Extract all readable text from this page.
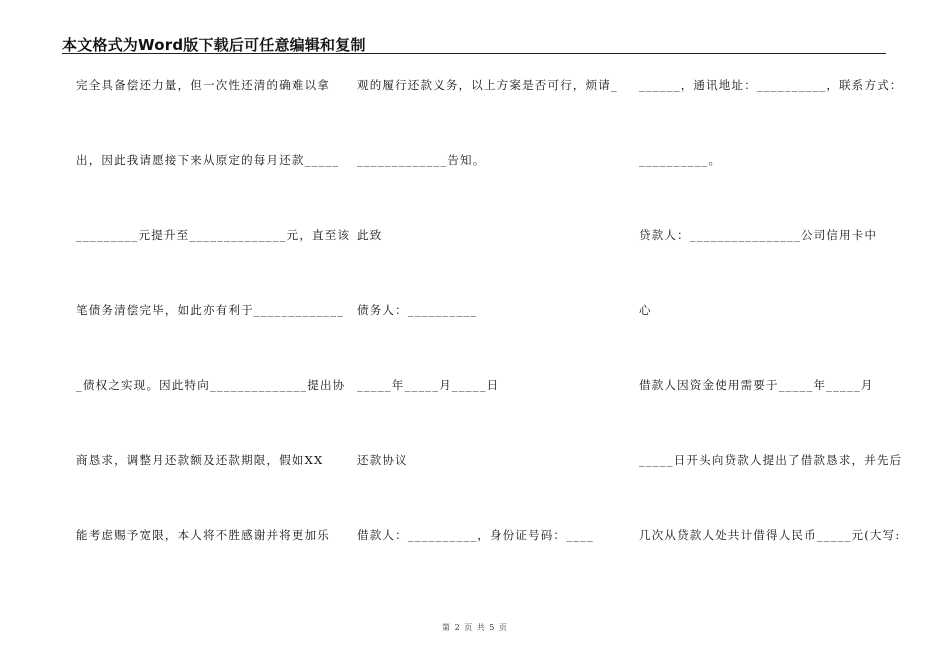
本文格式为Word版下载后可任意编辑和复制
完全具备偿还力量，但一次性还清的确难以拿
出，因此我请愿接下来从原定的每月还款_____
_________元提升至______________元，直至该
笔债务清偿完毕，如此亦有利于_____________
_债权之实现。因此特向______________提出协
商恳求，调整月还款额及还款期限，假如XX
能考虑赐予宽限，本人将不胜感谢并将更加乐
观的履行还款义务，以上方案是否可行，烦请_
_____________告知。
此致
债务人：__________
_____年_____月_____日
还款协议
借款人：__________，身份证号码：____
______，通讯地址：__________，联系方式：
__________。
贷款人：________________公司信用卡中
心
借款人因资金使用需要于_____年_____月
_____日开头向贷款人提出了借款恳求，并先后
几次从贷款人处共计借得人民币_____元(大写:
第 2 页 共 5 页
